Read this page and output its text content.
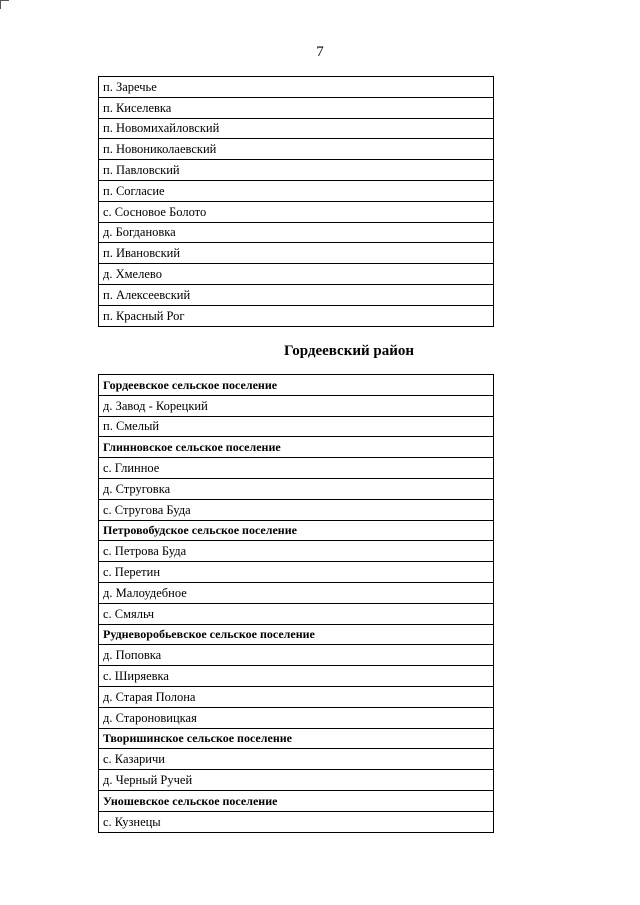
7
п. Заречье
п. Киселевка
п. Новомихайловский
п. Новониколаевский
п. Павловский
п. Согласие
с. Сосновое Болото
д. Богдановка
п. Ивановский
д. Хмелево
п. Алексеевский
п. Красный Рог
Гордеевский район
Гордеевское сельское поселение
д. Завод - Корецкий
п. Смелый
Глинновское сельское поселение
с. Глинное
д. Струговка
с. Стругова Буда
Петровобудское сельское поселение
с. Петрова Буда
с. Перетин
д. Малоудебное
с. Смяльч
Рудневоробьевское сельское поселение
д. Поповка
с. Ширяевка
д. Старая Полона
д. Староновицкая
Творишинское сельское поселение
с. Казаричи
д. Черный Ручей
Уношевское сельское поселение
с. Кузнецы
